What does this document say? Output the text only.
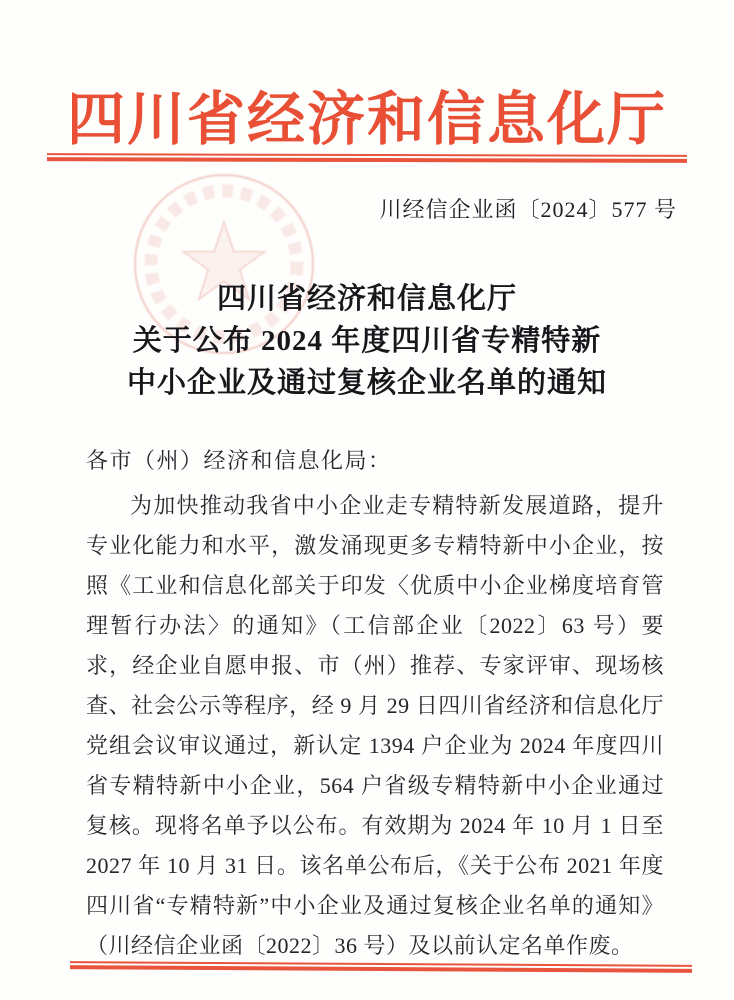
四川省经济和信息化厅
川经信企业函〔2024〕577 号
四川省经济和信息化厅
关于公布 2024 年度四川省专精特新
中小企业及通过复核企业名单的通知
各市（州）经济和信息化局：

为加快推动我省中小企业走专精特新发展道路，提升专业化能力和水平，激发涌现更多专精特新中小企业，按照《工业和信息化部关于印发〈优质中小企业梯度培育管理暂行办法〉的通知》（工信部企业〔2022〕63 号）要求，经企业自愿申报、市（州）推荐、专家评审、现场核查、社会公示等程序，经 9 月 29 日四川省经济和信息化厅党组会议审议通过，新认定 1394 户企业为 2024 年度四川省专精特新中小企业，564 户省级专精特新中小企业通过复核。现将名单予以公布。有效期为 2024 年 10 月 1 日至 2027 年 10 月 31 日。该名单公布后，《关于公布 2021 年度四川省“专精特新”中小企业及通过复核企业名单的通知》（川经信企业函〔2022〕36 号）及以前认定名单作废。
